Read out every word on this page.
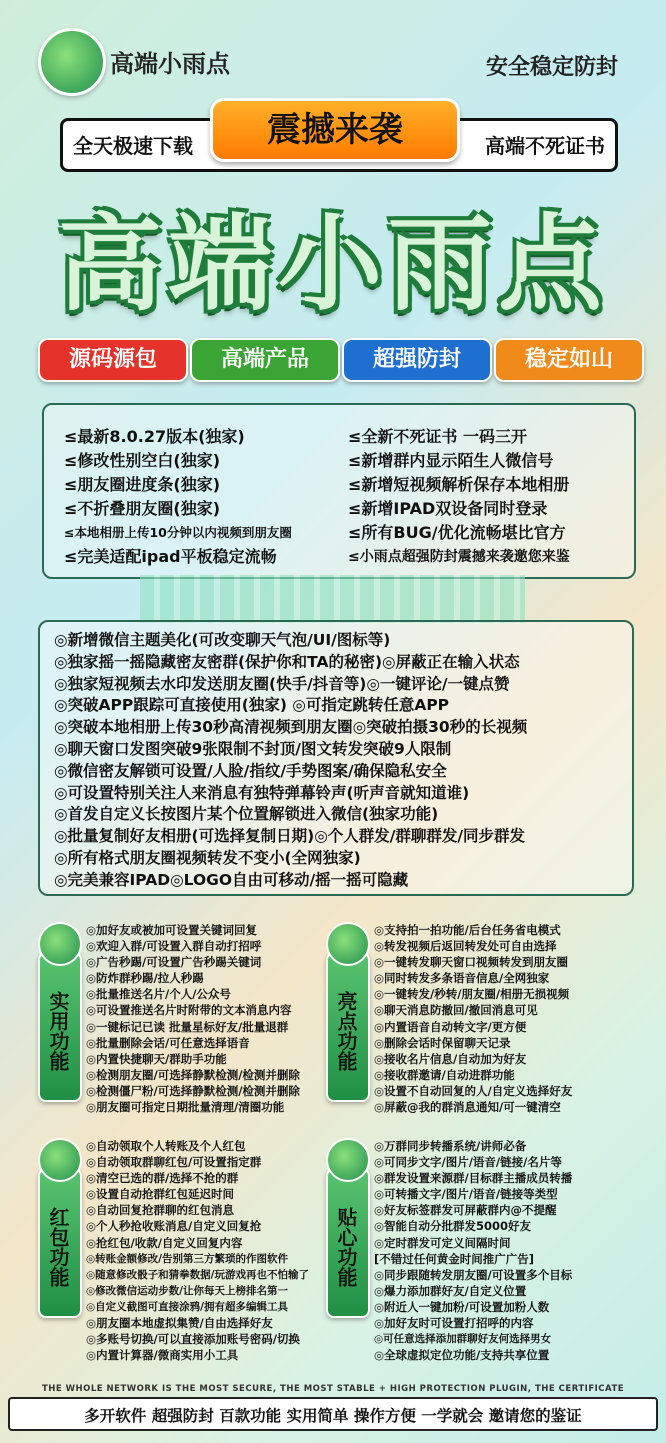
高端小雨点	安全稳定防封
全天极速下载	高端不死证书
震撼来袭
高端小雨点
源码源包	高端产品	超强防封	稳定如山
≤最新8.0.27版本(独家)
≤修改性别空白(独家)
≤朋友圈进度条(独家)
≤不折叠朋友圈(独家)
≤本地相册上传10分钟以内视频到朋友圈
≤完美适配ipad平板稳定流畅
≤全新不死证书 一码三开
≤新增群内显示陌生人微信号
≤新增短视频解析保存本地相册
≤新增IPAD双设备同时登录
≤所有BUG/优化流畅堪比官方
≤小雨点超强防封震撼来袭邀您来鉴
◎新增微信主题美化(可改变聊天气泡/UI/图标等)
◎独家摇一摇隐藏密友密群(保护你和TA的秘密)◎屏蔽正在输入状态
◎独家短视频去水印发送朋友圈(快手/抖音等)◎一键评论/一键点赞
◎突破APP跟踪可直接使用(独家) ◎可指定跳转任意APP
◎突破本地相册上传30秒高清视频到朋友圈◎突破拍摄30秒的长视频
◎聊天窗口发图突破9张限制不封顶/图文转发突破9人限制
◎微信密友解锁可设置/人脸/指纹/手势图案/确保隐私安全
◎可设置特别关注人来消息有独特弹幕铃声(听声音就知道谁)
◎首发自定义长按图片某个位置解锁进入微信(独家功能)
◎批量复制好友相册(可选择复制日期)◎个人群发/群聊群发/同步群发
◎所有格式朋友圈视频转发不变小(全网独家)
◎完美兼容IPAD◎LOGO自由可移动/摇一摇可隐藏
实用功能
◎加好友或被加可设置关键词回复
◎欢迎入群/可设置入群自动打招呼
◎广告秒踢/可设置广告秒踢关键词
◎防炸群秒踢/拉人秒踢
◎批量推送名片/个人/公众号
◎可设置推送名片时附带的文本消息内容
◎一键标记已读 批量星标好友/批量退群
◎批量删除会话/可任意选择语音
◎内置快捷聊天/群助手功能
◎检测朋友圈/可选择静默检测/检测并删除
◎检测僵尸粉/可选择静默检测/检测并删除
◎朋友圈可指定日期批量清理/清圈功能
亮点功能
◎支持拍一拍功能/后台任务省电模式
◎转发视频后返回转发处可自由选择
◎一键转发聊天窗口视频转发到朋友圈
◎同时转发多条语音信息/全网独家
◎一键转发/秒转/朋友圈/相册无损视频
◎聊天消息防撤回/撤回消息可见
◎内置语音自动转文字/更方便
◎删除会话时保留聊天记录
◎接收名片信息/自动加为好友
◎接收群邀请/自动进群功能
◎设置不自动回复的人/自定义选择好友
◎屏蔽@我的群消息通知/可一键清空
红包功能
◎自动领取个人转账及个人红包
◎自动领取群聊红包/可设置指定群
◎清空已选的群/选择不抢的群
◎设置自动抢群红包延迟时间
◎自动回复抢群聊的红包消息
◎个人秒抢收账消息/自定义回复抢
◎抢红包/收款/自定义回复内容
◎转账金额修改/告别第三方繁琐的作图软件
◎随意修改骰子和猜拳数据/玩游戏再也不怕输了
◎修改微信运动步数/让你每天上榜排名第一
◎自定义截图可直接涂鸦/拥有超多编辑工具
◎朋友圈本地虚拟集赞/自由选择好友
◎多账号切换/可以直接添加账号密码/切换
◎内置计算器/微商实用小工具
贴心功能
◎万群同步转播系统/讲师必备
◎可同步文字/图片/语音/链接/名片等
◎群发设置来源群/目标群主播成员转播
◎可转播文字/图片/语音/链接等类型
◎好友标签群发可屏蔽群内@不提醒
◎智能自动分批群发5000好友
◎定时群发可定义间隔时间
[不错过任何黄金时间推广广告]
◎同步跟随转发朋友圈/可设置多个目标
◎爆力添加群好友/自定义位置
◎附近人一键加粉/可设置加粉人数
◎加好友时可设置打招呼的内容
◎可任意选择添加群聊好友何选择男女
◎全球虚拟定位功能/支持共享位置
THE WHOLE NETWORK IS THE MOST SECURE, THE MOST STABLE + HIGH PROTECTION PLUGIN, THE CERTIFICATE
多开软件 超强防封 百款功能 实用简单 操作方便 一学就会 邀请您的鉴证
